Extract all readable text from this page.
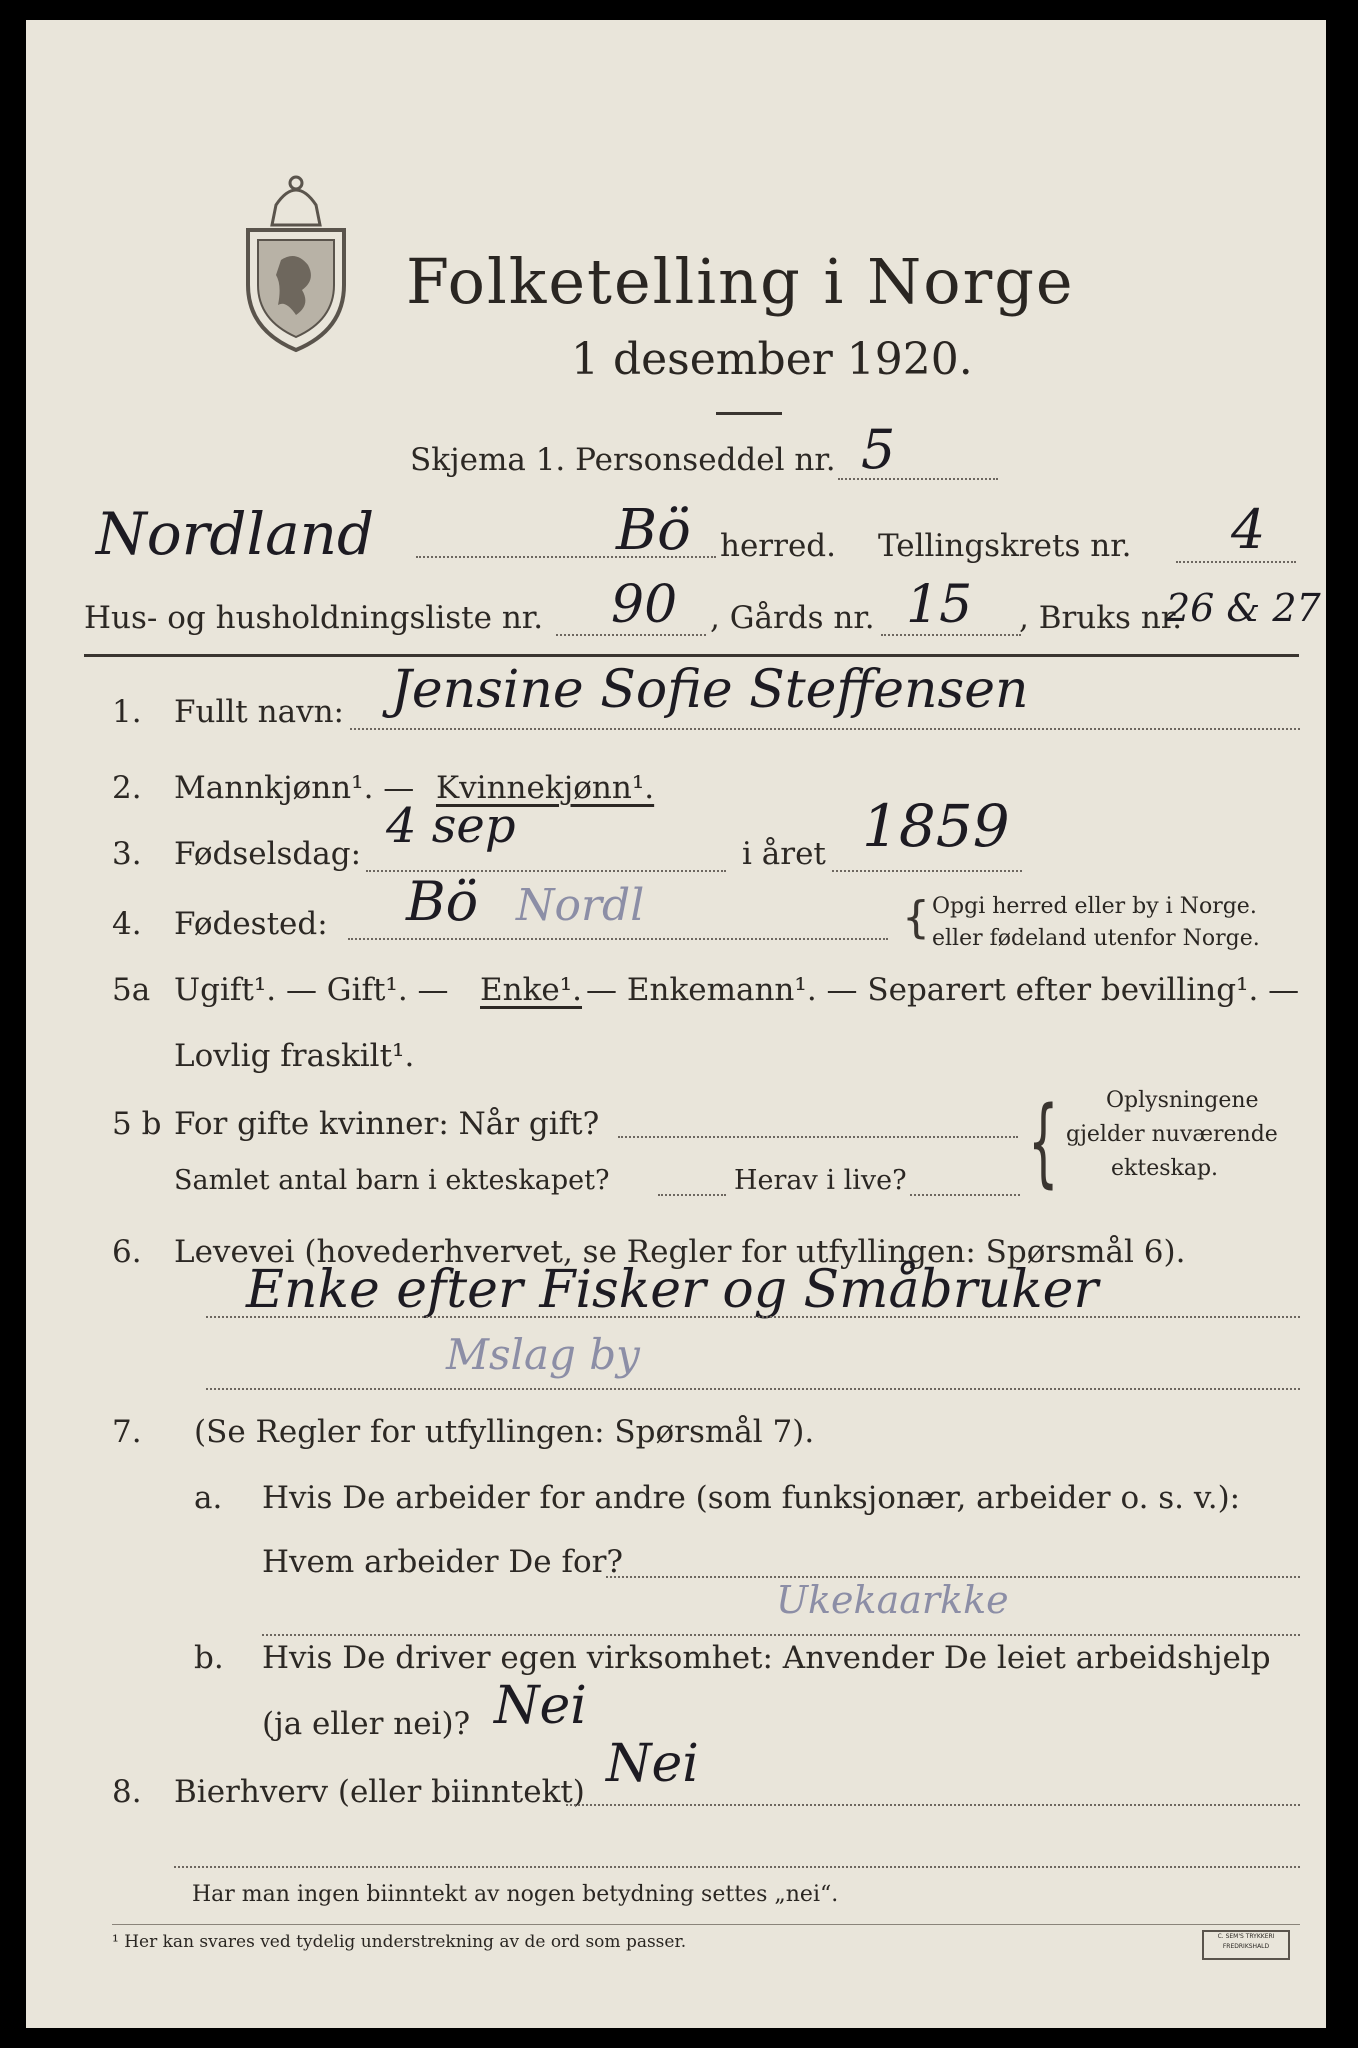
Folketelling i Norge
1 desember 1920.
Skjema 1. Personseddel nr. 5
Nordland	Bö herred. Tellingskrets nr. 4
Hus- og husholdningsliste nr. 90 , Gårds nr. 15 , Bruks nr.
26 & 27
1. Fullt navn: Jensine Sofie Steffensen
2. Mannkjønn¹. — Kvinnekjønn¹.
3. Fødselsdag: 4 sep	i året 1859
4. Fødested: Bö Nordl	{ Opgi herred eller by i Norge.
eller fødeland utenfor Norge.
5a Ugift¹. — Gift¹. — Enke¹. — Enkemann¹. — Separert efter bevilling¹. —
Lovlig fraskilt¹.
5 b For gifte kvinner: Når gift?
Samlet antal barn i ekteskapet?	Herav i live? { Oplysningene
gjelder nuværende
ekteskap.
6. Levevei (hovederhvervet, se Regler for utfyllingen: Spørsmål 6).
Enke efter Fisker og Småbruker
Mslag by
7. (Se Regler for utfyllingen: Spørsmål 7).
a. Hvis De arbeider for andre (som funksjonær, arbeider o. s. v.):
Hvem arbeider De for?
Ukekaarkke
b. Hvis De driver egen virksomhet: Anvender De leiet arbeidshjelp
(ja eller nei)? Nei
8. Bierhverv (eller biinntekt) Nei
Har man ingen biinntekt av nogen betydning settes „nei“.
¹ Her kan svares ved tydelig understrekning av de ord som passer.	C. SEM'S TRYKKERI FREDRIKSHALD
